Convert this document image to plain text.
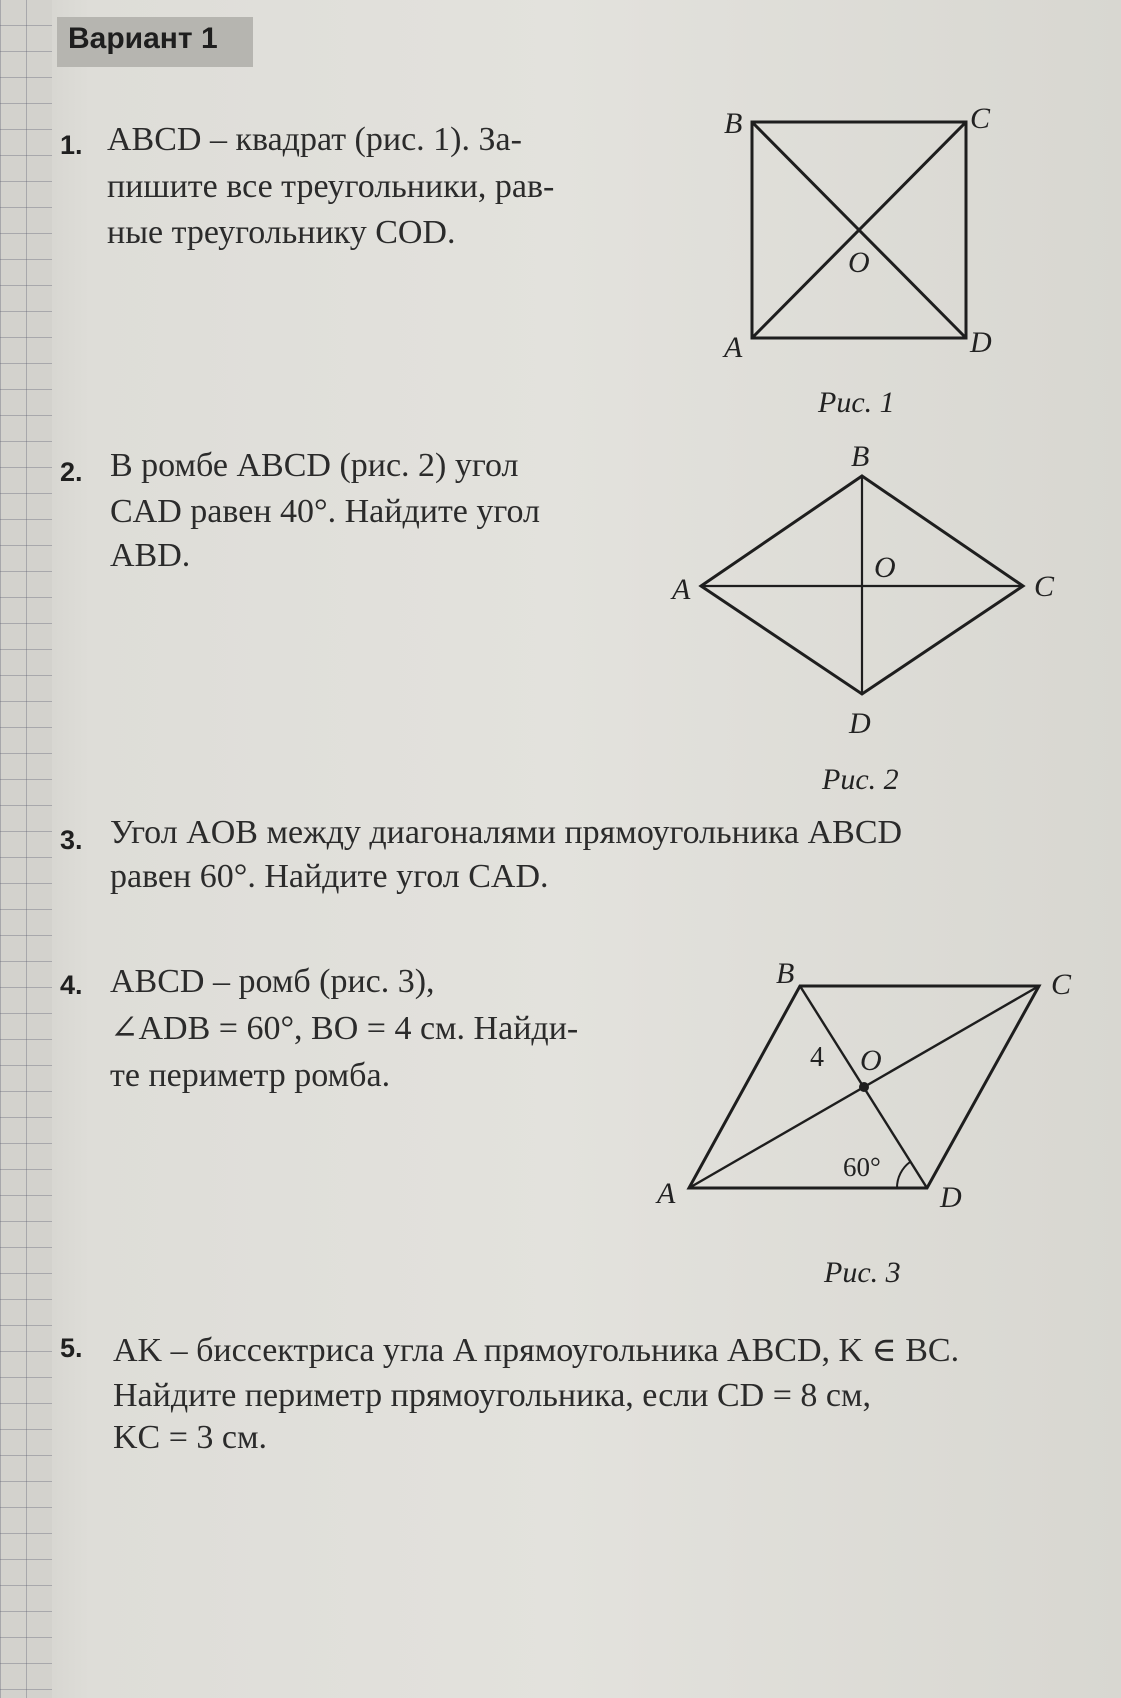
Вариант 1
1. ABCD – квадрат (рис. 1). За-
пишите все треугольники, рав-
ные треугольнику COD.
2. В ромбе ABCD (рис. 2) угол
CAD равен 40°. Найдите угол
ABD.
3. Угол AOB между диагоналями прямоугольника ABCD
равен 60°. Найдите угол CAD.
4. ABCD – ромб (рис. 3),
∠ADB = 60°, BO = 4 см. Найди-
те периметр ромба.
5. AK – биссектриса угла A прямоугольника ABCD, K ∈ BC.
Найдите периметр прямоугольника, если CD = 8 см,
KC = 3 см.
B	C
A	D
O
Рис. 1
B
A	C
D
O
Рис. 2
B	C
A	D
O
4
60°
Рис. 3
